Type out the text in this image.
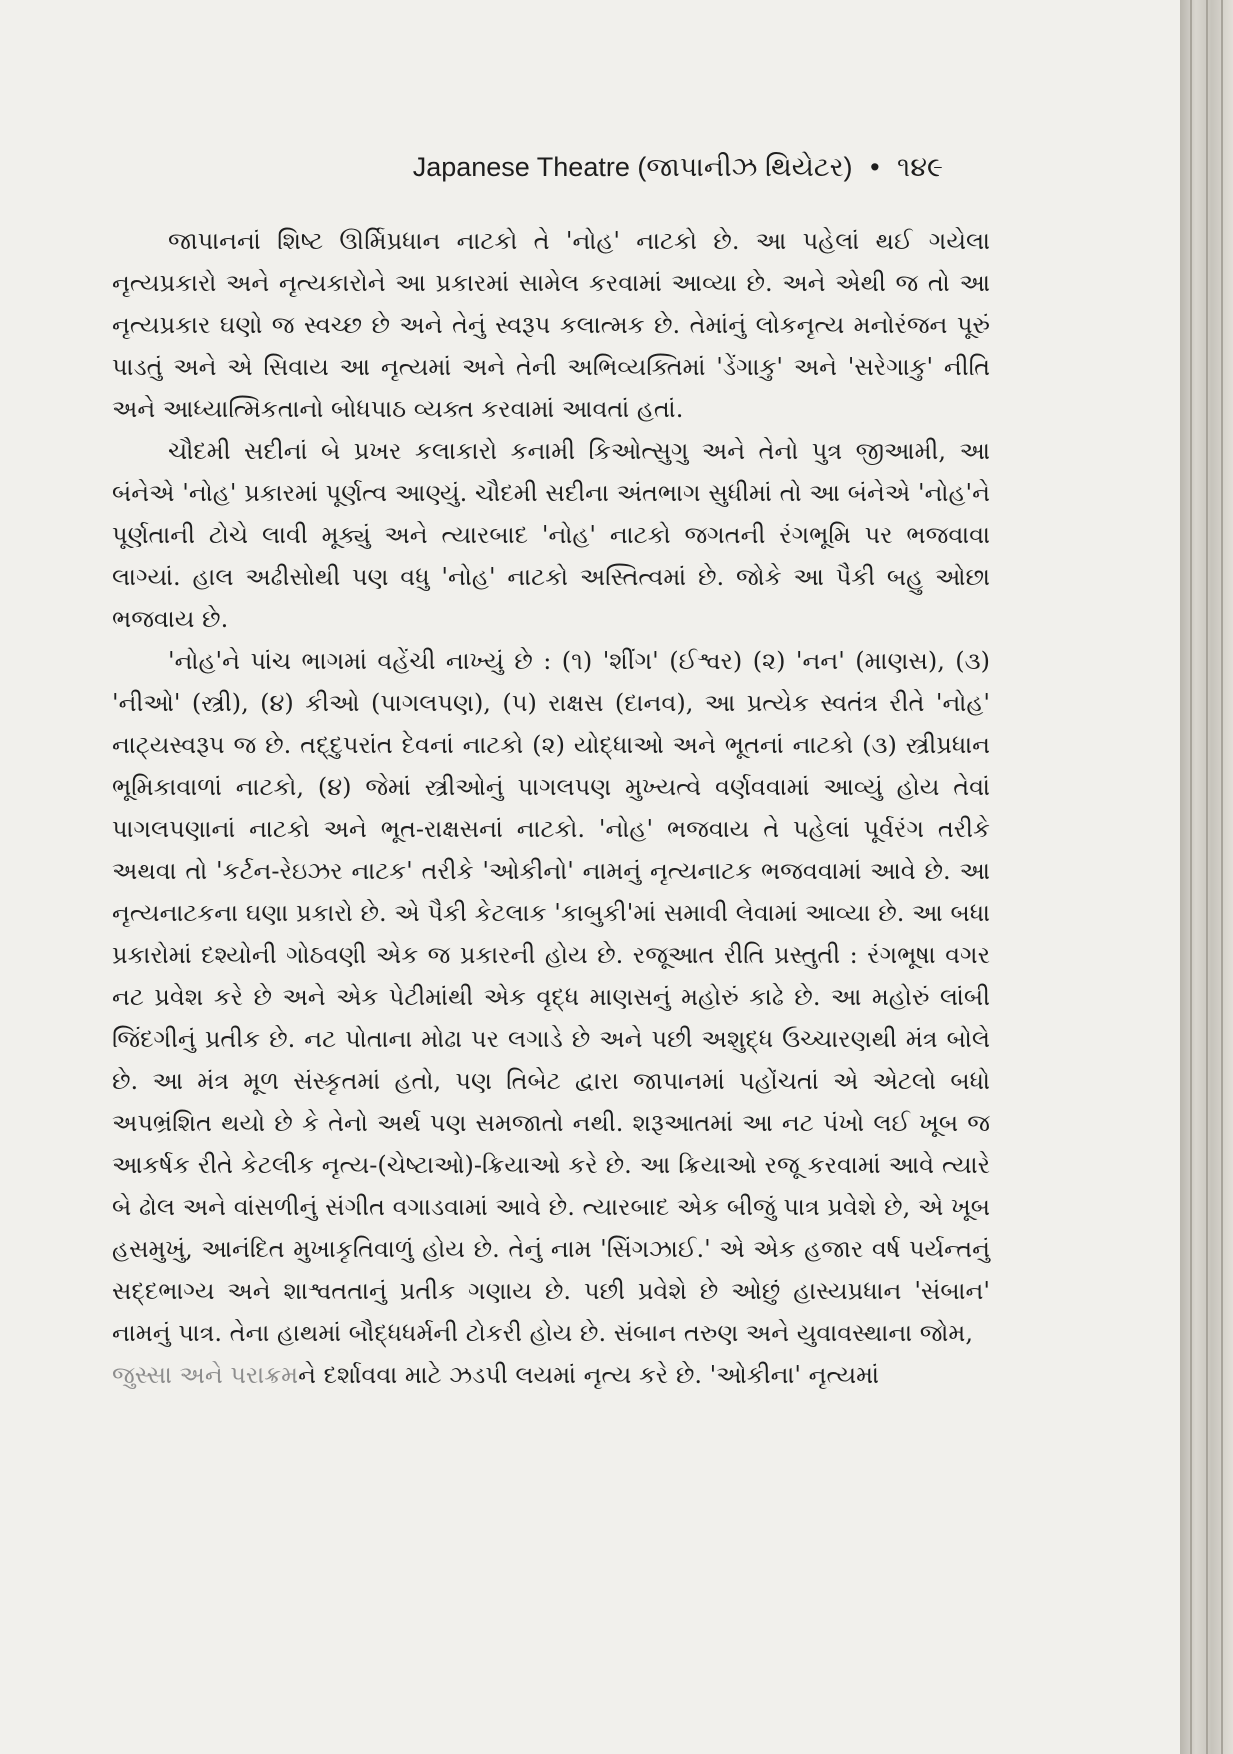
Japanese Theatre (જાપાનીઝ થિયેટર) • ૧૪૯

જાપાનનાં શિષ્ટ ઊર્મિપ્રધાન નાટકો તે 'નોહ' નાટકો છે. આ પહેલાં થઈ ગયેલા નૃત્યપ્રકારો અને નૃત્યકારોને આ પ્રકારમાં સામેલ કરવામાં આવ્યા છે. અને એથી જ તો આ નૃત્યપ્રકાર ઘણો જ સ્વચ્છ છે અને તેનું સ્વરૂપ કલાત્મક છે. તેમાંનું લોકનૃત્ય મનોરંજન પૂરું પાડતું અને એ સિવાય આ નૃત્યમાં અને તેની અભિવ્યક્તિમાં 'ડેંગાકુ' અને 'સરેગાકુ' નીતિ અને આધ્યાત્મિકતાનો બોધપાઠ વ્યક્ત કરવામાં આવતાં હતાં.

ચૌદમી સદીનાં બે પ્રખર કલાકારો કનામી કિઓત્સુગુ અને તેનો પુત્ર જીઆમી, આ બંનેએ 'નોહ' પ્રકારમાં પૂર્ણત્વ આણ્યું. ચૌદમી સદીના અંતભાગ સુધીમાં તો આ બંનેએ 'નોહ'ને પૂર્ણતાની ટોચે લાવી મૂક્યું અને ત્યારબાદ 'નોહ' નાટકો જગતની રંગભૂમિ પર ભજવાવા લાગ્યાં. હાલ અઢીસોથી પણ વધુ 'નોહ' નાટકો અસ્તિત્વમાં છે. જોકે આ પૈકી બહુ ઓછા ભજવાય છે.

'નોહ'ને પાંચ ભાગમાં વહેંચી નાખ્યું છે : (૧) 'શીંગ' (ઈશ્વર) (૨) 'નન' (માણસ), (૩) 'નીઓ' (સ્ત્રી), (૪) કીઓ (પાગલપણ), (૫) રાક્ષસ (દાનવ), આ પ્રત્યેક સ્વતંત્ર રીતે 'નોહ' નાટ્યસ્વરૂપ જ છે. તદ્દુપરાંત દેવનાં નાટકો (૨) યોદ્ધાઓ અને ભૂતનાં નાટકો (૩) સ્ત્રીપ્રધાન ભૂમિકાવાળાં નાટકો, (૪) જેમાં સ્ત્રીઓનું પાગલપણ મુખ્યત્વે વર્ણવવામાં આવ્યું હોય તેવાં પાગલપણાનાં નાટકો અને ભૂત-રાક્ષસનાં નાટકો. 'નોહ' ભજવાય તે પહેલાં પૂર્વરંગ તરીકે અથવા તો 'કર્ટન-રેઇઝર નાટક' તરીકે 'ઓકીનો' નામનું નૃત્યનાટક ભજવવામાં આવે છે. આ નૃત્યનાટકના ઘણા પ્રકારો છે. એ પૈકી કેટલાક 'કાબુકી'માં સમાવી લેવામાં આવ્યા છે. આ બધા પ્રકારોમાં દશ્યોની ગોઠવણી એક જ પ્રકારની હોય છે. રજૂઆત રીતિ પ્રસ્તુતી : રંગભૂષા વગર નટ પ્રવેશ કરે છે અને એક પેટીમાંથી એક વૃદ્ધ માણસનું મહોરું કાઢે છે. આ મહોરું લાંબી જિંદગીનું પ્રતીક છે. નટ પોતાના મોઢા પર લગાડે છે અને પછી અશુદ્ધ ઉચ્ચારણથી મંત્ર બોલે છે. આ મંત્ર મૂળ સંસ્કૃતમાં હતો, પણ તિબેટ દ્વારા જાપાનમાં પહોંચતાં એ એટલો બધો અપભ્રંશિત થયો છે કે તેનો અર્થ પણ સમજાતો નથી. શરૂઆતમાં આ નટ પંખો લઈ ખૂબ જ આકર્ષક રીતે કેટલીક નૃત્ય-(ચેષ્ટાઓ)-ક્રિયાઓ કરે છે. આ ક્રિયાઓ રજૂ કરવામાં આવે ત્યારે બે ઢોલ અને વાંસળીનું સંગીત વગાડવામાં આવે છે. ત્યારબાદ એક બીજું પાત્ર પ્રવેશે છે, એ ખૂબ હસમુખું, આનંદિત મુખાકૃતિવાળું હોય છે. તેનું નામ 'સિંગઝાઈ.' એ એક હજાર વર્ષ પર્યન્તનું સદ્દભાગ્ય અને શાશ્વતતાનું પ્રતીક ગણાય છે. પછી પ્રવેશે છે ઓછું હાસ્યપ્રધાન 'સંબાન' નામનું પાત્ર. તેના હાથમાં બૌદ્ધધર્મની ટોકરી હોય છે. સંબાન તરુણ અને યુવાવસ્થાના જોમ,

જુસ્સા અને પરાક્રમને દર્શાવવા માટે ઝડપી લયમાં નૃત્ય કરે છે. 'ઓકીના' નૃત્યમાં
